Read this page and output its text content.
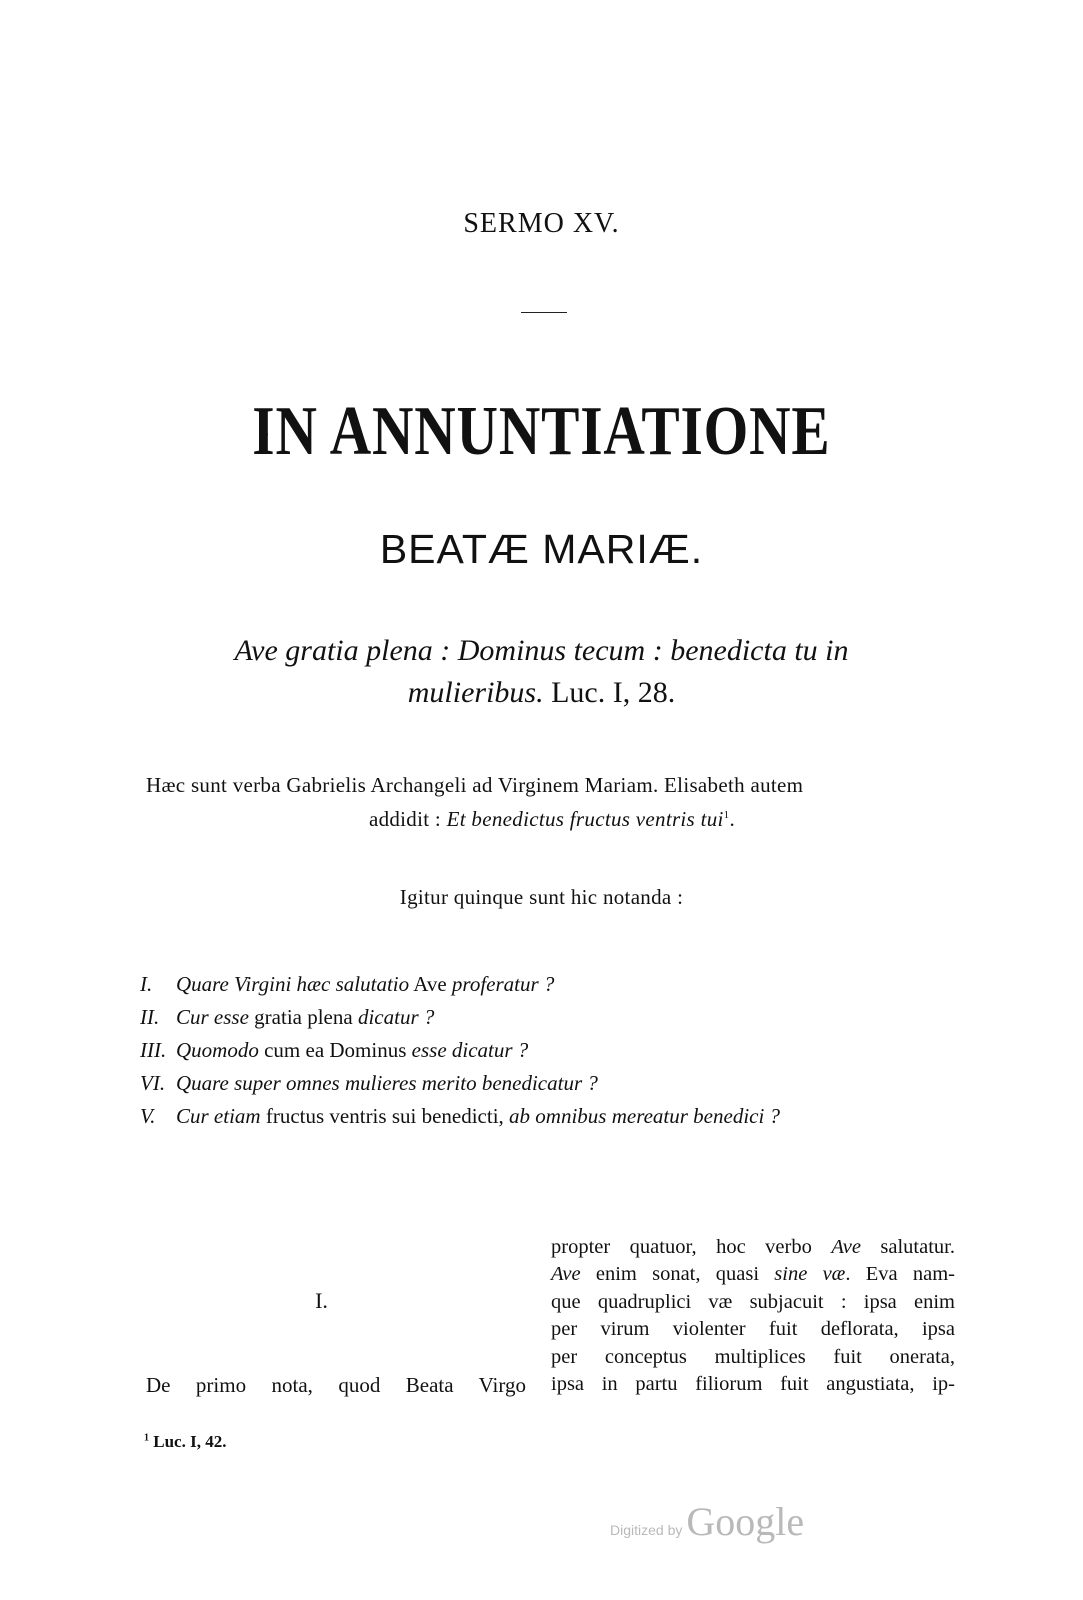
SERMO XV.
IN ANNUNTIATIONE
BEATÆ MARIÆ.
Ave gratia plena : Dominus tecum : benedicta tu in
mulieribus. Luc. I, 28.
Hæc sunt verba Gabrielis Archangeli ad Virginem Mariam. Elisabeth autem
addidit : Et benedictus fructus ventris tui$^1$.
Igitur quinque sunt hic notanda :
I. Quare Virgini hæc salutatio Ave proferatur ?
II. Cur esse gratia plena dicatur ?
III. Quomodo cum ea Dominus esse dicatur ?
VI. Quare super omnes mulieres merito benedicatur ?
V. Cur etiam fructus ventris sui benedicti, ab omnibus mereatur benedici ?
I.
De primo nota, quod Beata Virgo
propter quatuor, hoc verbo Ave salutatur.
Ave enim sonat, quasi sine væ. Eva nam-
que quadruplici væ subjacuit : ipsa enim
per virum violenter fuit deflorata, ipsa
per conceptus multiplices fuit onerata,
ipsa in partu filiorum fuit angustiata, ip-
$^1$ Luc. I, 42.
Digitized by Google
